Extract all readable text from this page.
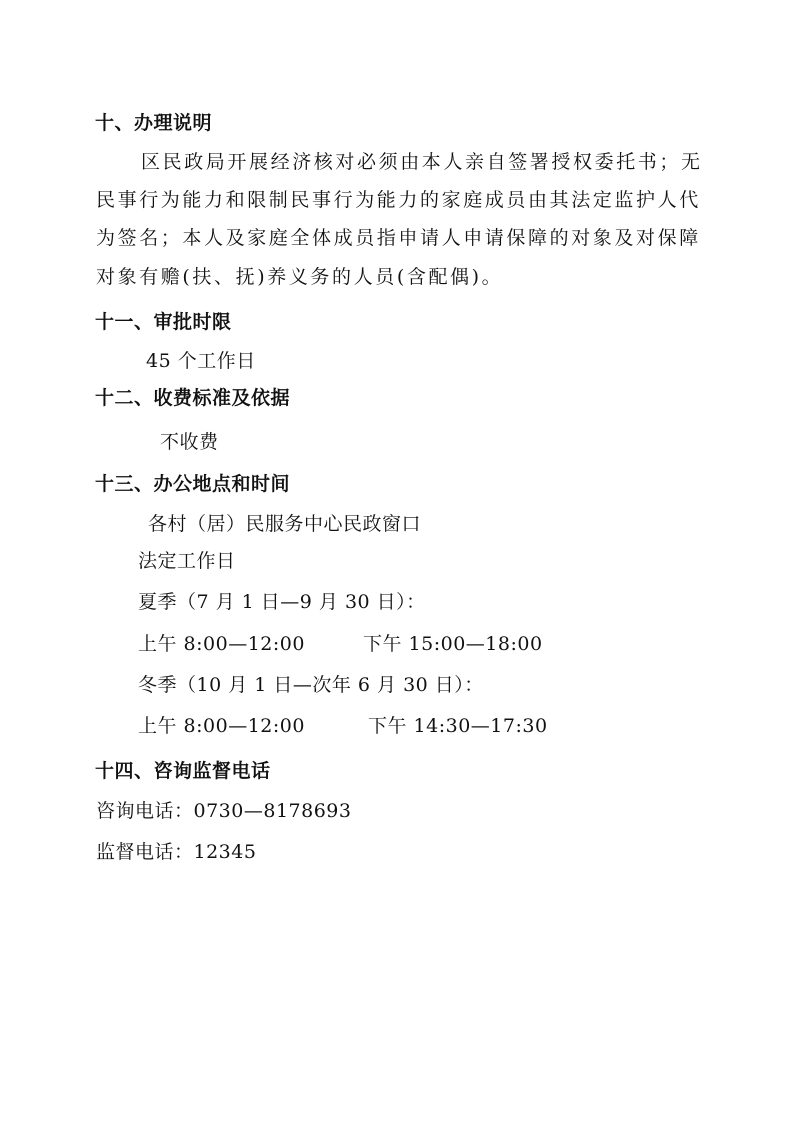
十、办理说明
区民政局开展经济核对必须由本人亲自签署授权委托书；无
民事行为能力和限制民事行为能力的家庭成员由其法定监护人代
为签名；本人及家庭全体成员指申请人申请保障的对象及对保障
对象有赡(扶、抚)养义务的人员(含配偶)。
十一、审批时限
45 个工作日
十二、收费标准及依据
不收费
十三、办公地点和时间
各村（居）民服务中心民政窗口
法定工作日
夏季（7 月 1 日—9 月 30 日）：
上午 8:00—12:00	下午 15:00—18:00
冬季（10 月 1 日—次年 6 月 30 日）：
上午 8:00—12:00	下午 14:30—17:30
十四、咨询监督电话
咨询电话：0730—8178693
监督电话：12345
